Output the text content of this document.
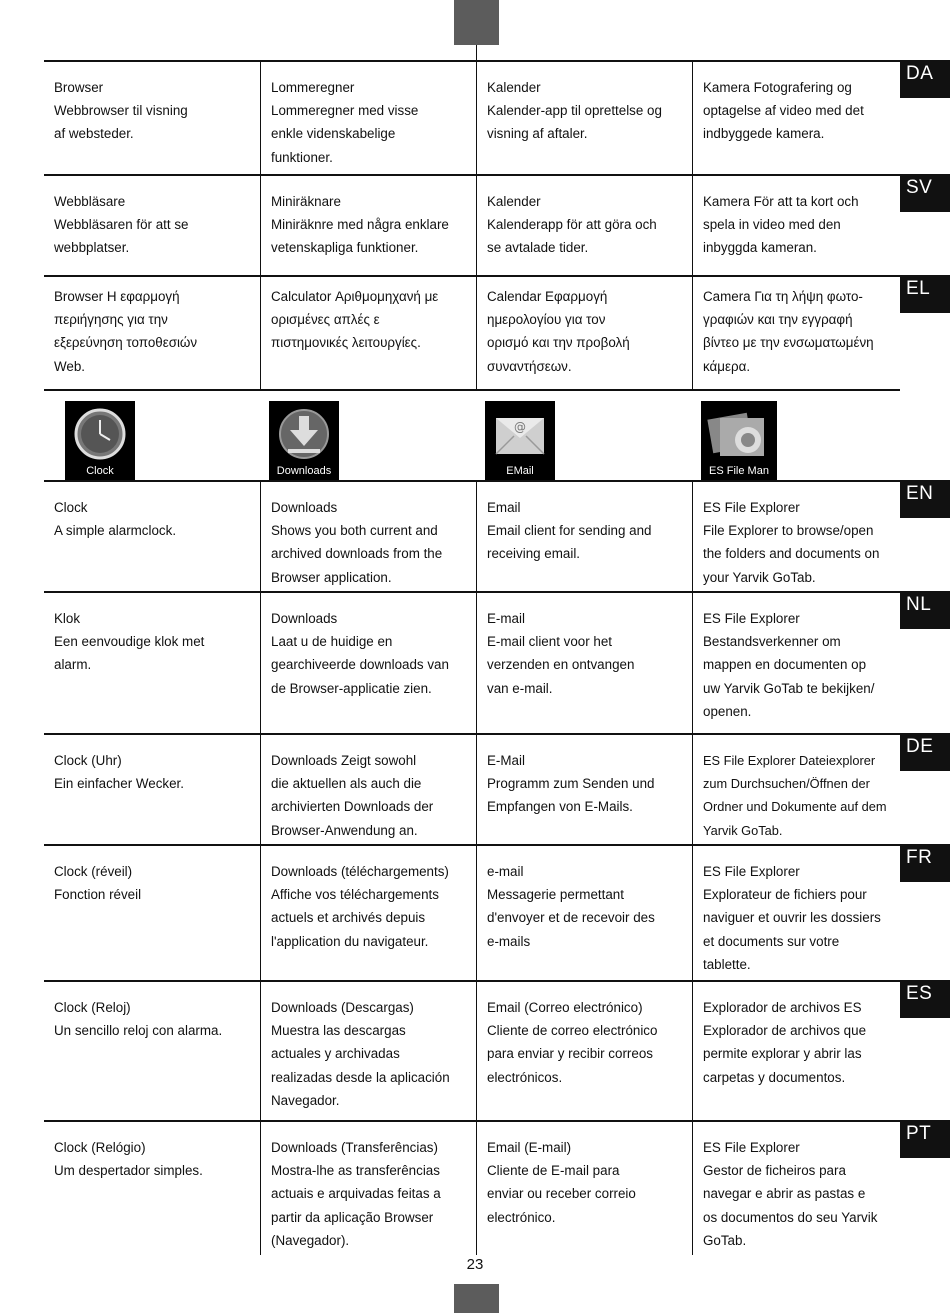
Browser
Webbrowser til visning
af websteder.
Lommeregner
Lommeregner med visse
enkle videnskabelige
funktioner.
Kalender
Kalender-app til oprettelse og
visning af aftaler.
Kamera Fotografering og
optagelse af video med det
indbyggede kamera.
DA
Webbläsare
Webbläsaren för att se
webbplatser.
Miniräknare
Miniräknre med några enklare
vetenskapliga funktioner.
Kalender
Kalenderapp för att göra och
se avtalade tider.
Kamera För att ta kort och
spela in video med den
inbyggda kameran.
SV
Browser Η εφαρμογή
περιήγησης για την
εξερεύνηση τοποθεσιών
Web.
Calculator Αριθμομηχανή με
ορισμένες απλές ε
πιστημονικές λειτουργίες.
Calendar Εφαρμογή
ημερολογίου για τον
ορισμό και την προβολή
συναντήσεων.
Camera Για τη λήψη φωτο-
γραφιών και την εγγραφή
βίντεο με την ενσωματωμένη
κάμερα.
EL
Clock	Downloads
@
EMail	ES File Man
Clock
A simple alarmclock.
Downloads
Shows you both current and
archived downloads from the
Browser application.
Email
Email client for sending and
receiving email.
ES File Explorer
File Explorer to browse/open
the folders and documents on
your Yarvik GoTab.
EN
Klok
Een eenvoudige klok met
alarm.
Downloads
Laat u de huidige en
gearchiveerde downloads van
de Browser-applicatie zien.
E-mail
E-mail client voor het
verzenden en ontvangen
van e-mail.
ES File Explorer
Bestandsverkenner om
mappen en documenten op
uw Yarvik GoTab te bekijken/
openen.
NL
Clock (Uhr)
Ein einfacher Wecker.
Downloads Zeigt sowohl
die aktuellen als auch die
archivierten Downloads der
Browser-Anwendung an.
E-Mail
Programm zum Senden und
Empfangen von E-Mails.
ES File Explorer Dateiexplorer
zum Durchsuchen/Öffnen der
Ordner und Dokumente auf dem
Yarvik GoTab.
DE
Clock (réveil)
Fonction réveil
Downloads (téléchargements)
Affiche vos téléchargements
actuels et archivés depuis
l'application du navigateur.
e-mail
Messagerie permettant
d'envoyer et de recevoir des
e-mails
ES File Explorer
Explorateur de fichiers pour
naviguer et ouvrir les dossiers
et documents sur votre
tablette.
FR
Clock (Reloj)
Un sencillo reloj con alarma.
Downloads (Descargas)
Muestra las descargas
actuales y archivadas
realizadas desde la aplicación
Navegador.
Email (Correo electrónico)
Cliente de correo electrónico
para enviar y recibir correos
electrónicos.
Explorador de archivos ES
Explorador de archivos que
permite explorar y abrir las
carpetas y documentos.
ES
Clock (Relógio)
Um despertador simples.
Downloads (Transferências)
Mostra-lhe as transferências
actuais e arquivadas feitas a
partir da aplicação Browser
(Navegador).
Email (E-mail)
Cliente de E-mail para
enviar ou receber correio
electrónico.
ES File Explorer
Gestor de ficheiros para
navegar e abrir as pastas e
os documentos do seu Yarvik
GoTab.
PT
23
